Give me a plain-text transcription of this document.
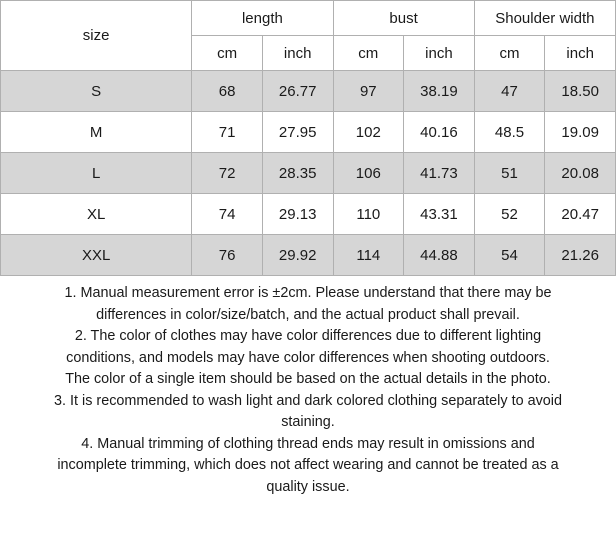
size	length		bust		Shoulder width	
	cm	inch	cm	inch	cm	inch
S	68	26.77	97	38.19	47	18.50
M	71	27.95	102	40.16	48.5	19.09
L	72	28.35	106	41.73	51	20.08
XL	74	29.13	110	43.31	52	20.47
XXL	76	29.92	114	44.88	54	21.26
1. Manual measurement error is ±2cm. Please understand that there may be
differences in color/size/batch, and the actual product shall prevail.
2. The color of clothes may have color differences due to different lighting
conditions, and models may have color differences when shooting outdoors.
The color of a single item should be based on the actual details in the photo.
3. It is recommended to wash light and dark colored clothing separately to avoid
staining.
4. Manual trimming of clothing thread ends may result in omissions and
incomplete trimming, which does not affect wearing and cannot be treated as a
quality issue.
